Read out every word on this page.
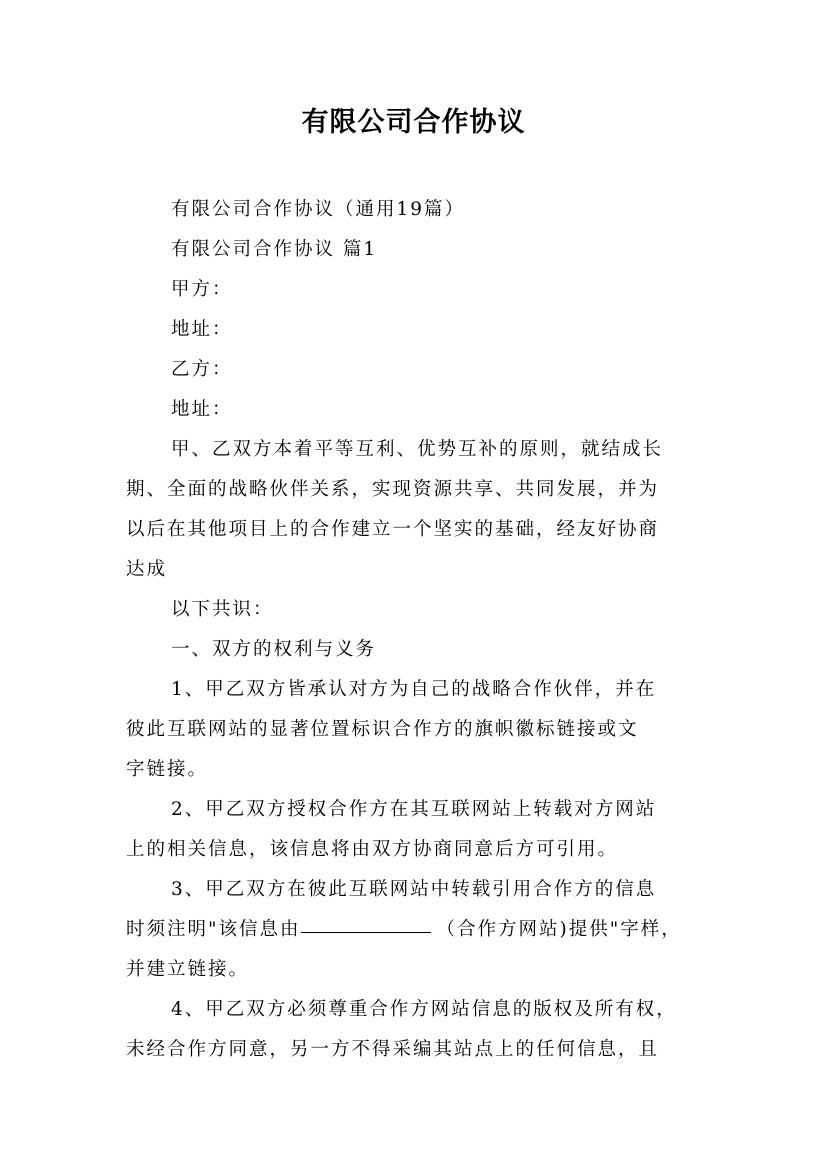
有限公司合作协议
有限公司合作协议（通用19篇）
有限公司合作协议 篇1
甲方：
地址：
乙方：
地址：
甲、乙双方本着平等互利、优势互补的原则，就结成长
期、全面的战略伙伴关系，实现资源共享、共同发展，并为
以后在其他项目上的合作建立一个坚实的基础，经友好协商
达成
以下共识：
一、双方的权利与义务
1、甲乙双方皆承认对方为自己的战略合作伙伴，并在
彼此互联网站的显著位置标识合作方的旗帜徽标链接或文
字链接。
2、甲乙双方授权合作方在其互联网站上转载对方网站
上的相关信息，该信息将由双方协商同意后方可引用。
3、甲乙双方在彼此互联网站中转载引用合作方的信息
时须注明"该信息由	（合作方网站)提供"字样，
并建立链接。
4、甲乙双方必须尊重合作方网站信息的版权及所有权，
未经合作方同意，另一方不得采编其站点上的任何信息，且
